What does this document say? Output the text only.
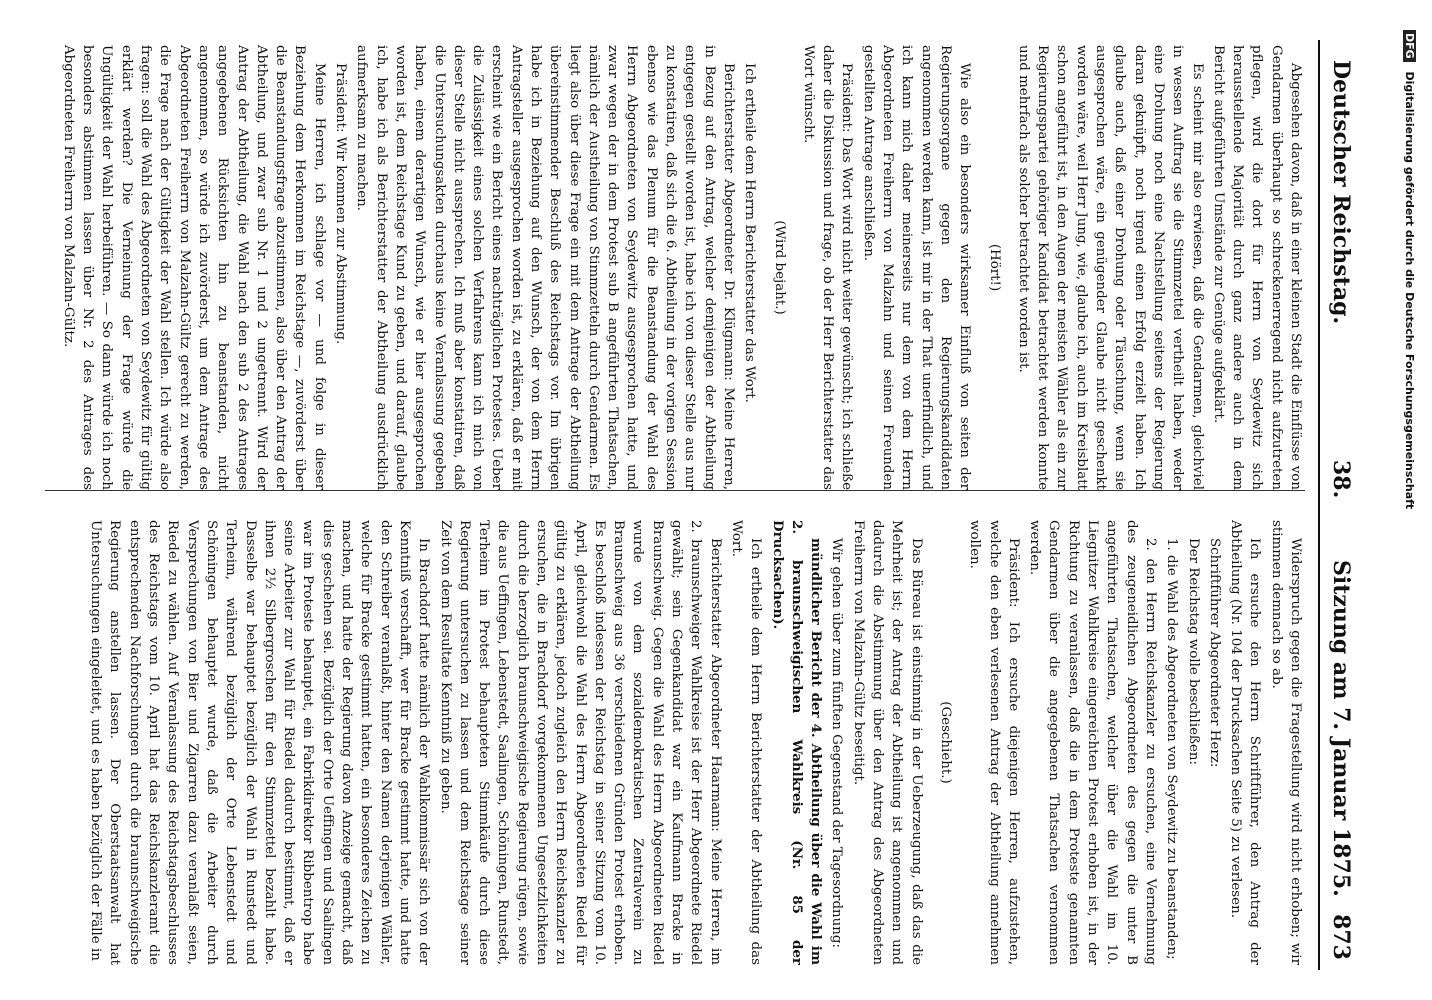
Deutscher Reichstag.
38.
Sitzung am 7. Januar 1875.
873

Abgesehen davon, daß in einer kleinen Stadt die Einflüsse von Gendarmen überhaupt so schreckenerregend nicht aufzutreten pflegen, wird die dort für Herrn von Seydewitz sich herausstellende Majorität durch ganz andere auch in dem Bericht aufgeführten Umstände zur Genüge aufgeklärt.

Es scheint mir also erwiesen, daß die Gendarmen, gleichviel in wessen Auftrag sie die Stimmzettel vertheilt haben, weder eine Drohung noch eine Nachstellung seitens der Regierung daran geknüpft, noch irgend einen Erfolg erzielt haben. Ich glaube auch, daß einer Drohung oder Täuschung, wenn sie ausgesprochen wäre, ein genügender Glaube nicht geschenkt worden wäre, weil Herr Jung, wie, glaube ich, auch im Kreisblatt schon angeführt ist, in den Augen der meisten Wähler als ein zur Regierungspartei gehöriger Kandidat betrachtet werden konnte und mehrfach als solcher betrachtet worden ist.

(Hört!)

Wie also ein besonders wirksamer Einfluß von seiten der Regierungsorgane gegen den Regierungskandidaten angenommen werden kann, ist mir in der That unerfindlich, und ich kann mich daher meinerseits nur dem von dem Herrn Abgeordneten Freiherrn von Malzahn und seinen Freunden gestellten Antrage anschließen.

Präsident: Das Wort wird nicht weiter gewünscht; ich schließe daher die Diskussion und frage, ob der Herr Berichterstatter das Wort wünscht.

(Wird bejaht.)

Ich ertheile dem Herrn Berichterstatter das Wort.

Berichterstatter Abgeordneter Dr. Klügmann: Meine Herren, in Bezug auf den Antrag, welcher demjenigen der Abtheilung entgegen gestellt worden ist, habe ich von dieser Stelle aus nur zu konstatiren, daß sich die 6. Abtheilung in der vorigen Session ebenso wie das Plenum für die Beanstandung der Wahl des Herrn Abgeordneten von Seydewitz ausgesprochen hatte, und zwar wegen der in dem Protest sub B angeführten Thatsachen, nämlich der Austheilung von Stimmzetteln durch Gendarmen. Es liegt also über diese Frage ein mit dem Antrage der Abtheilung übereinstimmender Beschluß des Reichstags vor. Im übrigen habe ich in Beziehung auf den Wunsch, der von dem Herrn Antragsteller ausgesprochen worden ist, zu erklären, daß er mit erscheint wie ein Bericht eines nachträglichen Protestes. Ueber die Zulässigkeit eines solchen Verfahrens kann ich mich von dieser Stelle nicht aussprechen. Ich muß aber konstatiren, daß die Untersuchungsakten durchaus keine Veranlassung gegeben haben, einem derartigen Wunsch, wie er hier ausgesprochen worden ist, dem Reichstage Kund zu geben, und darauf, glaube ich, habe ich als Berichterstatter der Abtheilung ausdrücklich aufmerksam zu machen.

Präsident: Wir kommen zur Abstimmung.

Meine Herren, ich schlage vor — und folge in dieser Beziehung dem Herkommen im Reichstage —, zuvörderst über die Beanstandungsfrage abzustimmen, also über den Antrag der Abtheilung, und zwar sub Nr. 1 und 2 ungetrennt. Wird der Antrag der Abtheilung, die Wahl nach den sub 2 des Antrages angegebenen Rücksichten hin zu beanstanden, nicht angenommen, so würde ich zuvörderst, um dem Antrage des Abgeordneten Freiherrn von Malzahn-Gültz gerecht zu werden, die Frage nach der Gültigkeit der Wahl stellen. Ich würde also fragen: soll die Wahl des Abgeordneten von Seydewitz für gültig erklärt werden? Die Verneinung der Frage würde die Ungültigkeit der Wahl herbeiführen. — So dann würde ich noch besonders abstimmen lassen über Nr. 2 des Antrages des Abgeordneten Freiherrn von Malzahn-Gültz.

Widerspruch gegen die Fragestellung wird nicht erhoben; wir stimmen demnach so ab.

Ich ersuche den Herrn Schriftführer, den Antrag der Abtheilung (Nr. 104 der Drucksachen Seite 5) zu verlesen.

Schriftführer Abgeordneter Herz:

Der Reichstag wolle beschließen:

1. die Wahl des Abgeordneten von Seydewitz zu beanstanden;

2. den Herrn Reichskanzler zu ersuchen, eine Vernehmung des zeugeneidlichen Abgeordneten des gegen die unter B angeführten Thatsachen, welcher über die Wahl im 10. Liegnitzer Wahlkreise eingereichten Protest erhoben ist, in der Richtung zu veranlassen, daß die in dem Proteste genannten Gendarmen über die angegebenen Thatsachen vernommen werden.

Präsident: Ich ersuche diejenigen Herren, aufzustehen, welche den eben verlesenen Antrag der Abtheilung annehmen wollen.

(Geschieht.)

Das Büreau ist einstimmig in der Ueberzeugung, daß das die Mehrheit ist; der Antrag der Abtheilung ist angenommen und dadurch die Abstimmung über den Antrag des Abgeordneten Freiherrn von Malzahn-Gültz beseitigt.

Wir gehen über zum fünften Gegenstand der Tagesordnung:

mündlicher Bericht der 4. Abtheilung über die Wahl im 2. braunschweigischen Wahlkreis (Nr. 85 der Drucksachen).

Ich ertheile dem Herrn Berichterstatter der Abtheilung das Wort.

Berichterstatter Abgeordneter Haarmann: Meine Herren, im 2. braunschweiger Wahlkreise ist der Herr Abgeordnete Riedel gewählt; sein Gegenkandidat war ein Kaufmann Bracke in Braunschweig. Gegen die Wahl des Herrn Abgeordneten Riedel wurde von dem sozialdemokratischen Zentralverein zu Braunschweig aus 36 verschiedenen Gründen Protest erhoben. Es beschloß indessen der Reichstag in seiner Sitzung vom 10. April, gleichwohl die Wahl des Herrn Abgeordneten Riedel für gültig zu erklären, jedoch zugleich den Herrn Reichskanzler zu ersuchen, die in Brachdorf vorgekommenen Ungesetzlichkeiten durch die herzoglich braunschweigische Regierung rügen, sowie die aus Ueffingen, Lebenstedt, Saalingen, Schöningen, Runstedt, Terheim im Protest behaupteten Stimmkäufe durch diese Regierung untersuchen zu lassen und dem Reichstage seiner Zeit von dem Resultate Kenntniß zu geben.

In Brachdorf hatte nämlich der Wahlkommissär sich von der Kenntniß verschafft, wer für Bracke gestimmt hatte, und hatte den Schreiber veranlaßt, hinter den Namen derjenigen Wähler, welche für Bracke gestimmt hatten, ein besonderes Zeichen zu machen, und hatte der Regierung davon Anzeige gemacht, daß dies geschehen sei. Bezüglich der Orte Ueffingen und Saalingen war im Proteste behauptet, ein Fabrikdirektor Ribbentrop habe seine Arbeiter zur Wahl für Riedel dadurch bestimmt, daß er ihnen 2½ Silbergroschen für den Stimmzettel bezahlt habe. Dasselbe war behauptet bezüglich der Wahl in Runstedt und Terheim, während bezüglich der Orte Lebenstedt und Schöningen behauptet wurde, daß die Arbeiter durch Versprechungen von Bier und Zigarren dazu veranlaßt seien, Riedel zu wählen. Auf Veranlassung des Reichstagsbeschlusses des Reichstags vom 10. April hat das Reichskanzleramt die entsprechenden Nachforschungen durch die braunschweigische Regierung anstellen lassen. Der Oberstaatsanwalt hat Untersuchungen eingeleitet, und es haben bezüglich der Fälle in

DFG Digitalisierung gefördert durch die Deutsche Forschungsgemeinschaft
